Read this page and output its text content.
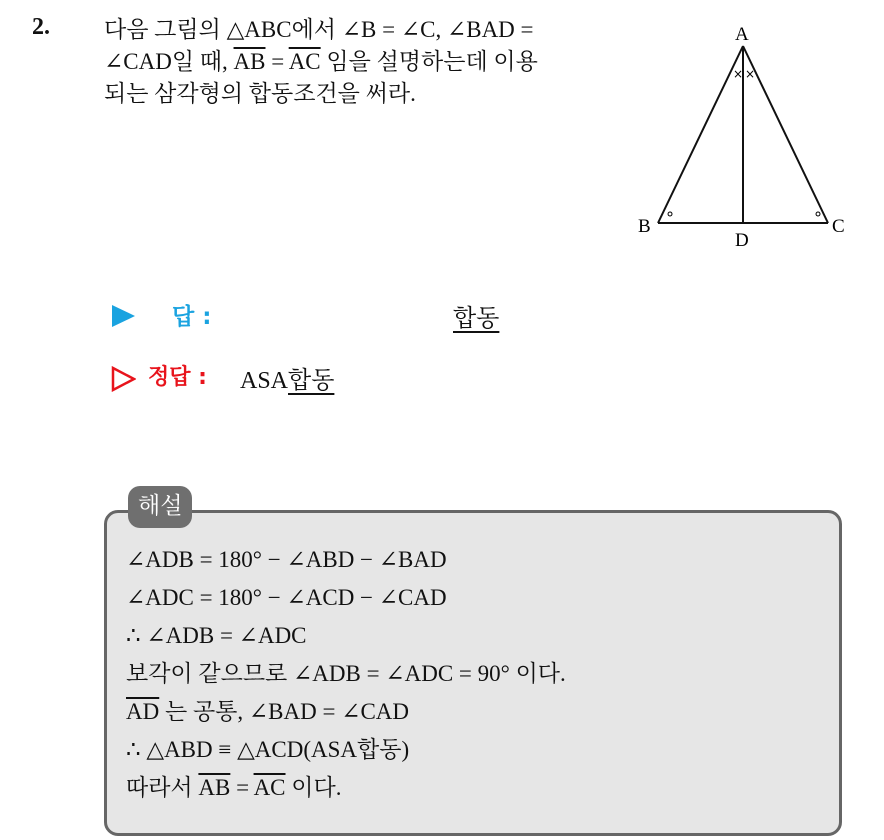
2. 다음 그림의 △ABC에서 ∠B = ∠C, ∠BAD =
∠CAD일 때, $\overline{AB} = \overline{AC}$ 임을 설명하는데 이용
되는 삼각형의 합동조건을 써라.
A
B	C
D
× ×
∘	∘
답 :	합동
정답 : ASA합동
해설
∠ADB = 180° − ∠ABD − ∠BAD
∠ADC = 180° − ∠ACD − ∠CAD
∴ ∠ADB = ∠ADC
보각이 같으므로 ∠ADB = ∠ADC = 90° 이다.
$\overline{AD}$ 는 공통, ∠BAD = ∠CAD
∴ △ABD ≡ △ACD(ASA합동)
따라서 $\overline{AB} = \overline{AC}$ 이다.
